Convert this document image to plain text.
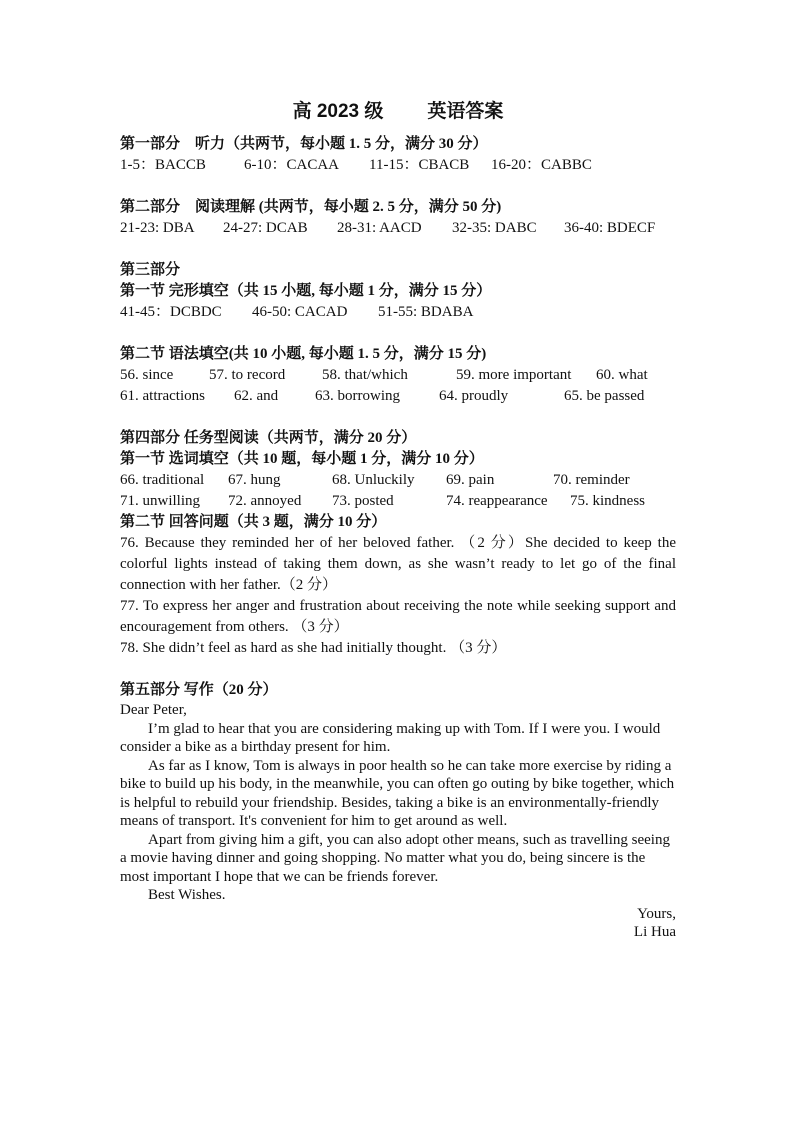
高 2023 级 英语答案
第一部分　听力（共两节，每小题 1. 5 分，满分 30 分）
1-5：BACCB	6-10：CACAA 11-15：CBACB 16-20：CABBC
第二部分　阅读理解 (共两节，每小题 2. 5 分，满分 50 分)
21-23: DBA 24-27: DCAB 28-31: AACD 32-35: DABC 36-40: BDECF
第三部分
第一节 完形填空（共 15 小题, 每小题 1 分，满分 15 分）
41-45：DCBDC 46-50: CACAD 51-55: BDABA
第二节 语法填空(共 10 小题, 每小题 1. 5 分，满分 15 分)
56. since 57. to record 58. that/which	59. more important 60. what
61. attractions 62. and 63. borrowing	64. proudly	65. be passed
第四部分 任务型阅读（共两节，满分 20 分）
第一节 选词填空（共 10 题，每小题 1 分，满分 10 分）
66. traditional 67. hung	68. Unluckily 69. pain	70. reminder
71. unwilling 72. annoyed 73. posted	74. reappearance 75. kindness
第二节 回答问题（共 3 题，满分 10 分）
76. Because they reminded her of her beloved father. （2 分）She decided to keep the colorful lights instead of taking them down, as she wasn’t ready to let go of the final connection with her father.（2 分）
77. To express her anger and frustration about receiving the note while seeking support and encouragement from others. （3 分）
78. She didn’t feel as hard as she had initially thought. （3 分）
第五部分 写作（20 分）
Dear Peter,
I’m glad to hear that you are considering making up with Tom. If I were you. I would consider a bike as a birthday present for him.
As far as I know, Tom is always in poor health so he can take more exercise by riding a bike to build up his body, in the meanwhile, you can often go outing by bike together, which is helpful to rebuild your friendship. Besides, taking a bike is an environmentally-friendly means of transport. It's convenient for him to get around as well.
Apart from giving him a gift, you can also adopt other means, such as travelling seeing a movie having dinner and going shopping. No matter what you do, being sincere is the most important I hope that we can be friends forever.
Best Wishes.
Yours,
Li Hua
